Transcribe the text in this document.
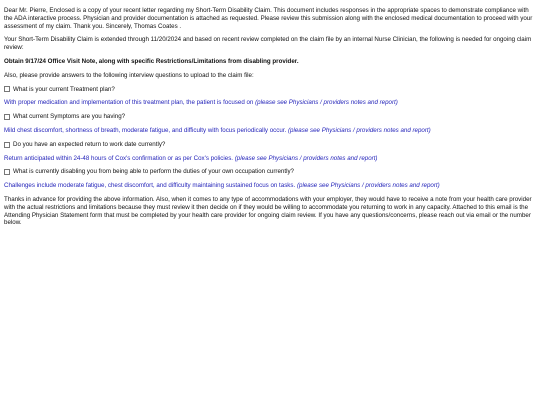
Dear Mr. Pierre, Enclosed is a copy of your recent letter regarding my Short-Term Disability Claim. This document includes responses in the appropriate spaces to demonstrate compliance with the ADA interactive process. Physician and provider documentation is attached as requested. Please review this submission along with the enclosed medical documentation to proceed with your assessment of my claim. Thank you. Sincerely, Thomas Coates .

Your Short-Term Disability Claim is extended through 11/20/2024 and based on recent review completed on the claim file by an internal Nurse Clinician, the following is needed for ongoing claim review:

Obtain 9/17/24 Office Visit Note, along with specific Restrictions/Limitations from disabling provider.

Also, please provide answers to the following interview questions to upload to the claim file:

What is your current Treatment plan?

With proper medication and implementation of this treatment plan, the patient is focused on (please see Physicians / providers notes and report)

What current Symptoms are you having?

Mild chest discomfort, shortness of breath, moderate fatigue, and difficulty with focus periodically occur. (please see Physicians / providers notes and report)

Do you have an expected return to work date currently?

Return anticipated within 24-48 hours of Cox's confirmation or as per Cox's policies. (please see Physicians / providers notes and report)

What is currently disabling you from being able to perform the duties of your own occupation currently?

Challenges include moderate fatigue, chest discomfort, and difficulty maintaining sustained focus on tasks. (please see Physicians / providers notes and report)

Thanks in advance for providing the above information. Also, when it comes to any type of accommodations with your employer, they would have to receive a note from your health care provider with the actual restrictions and limitations because they must review it then decide on if they would be willing to accommodate you returning to work in any capacity. Attached to this email is the Attending Physician Statement form that must be completed by your health care provider for ongoing claim review. If you have any questions/concerns, please reach out via email or the number below.
